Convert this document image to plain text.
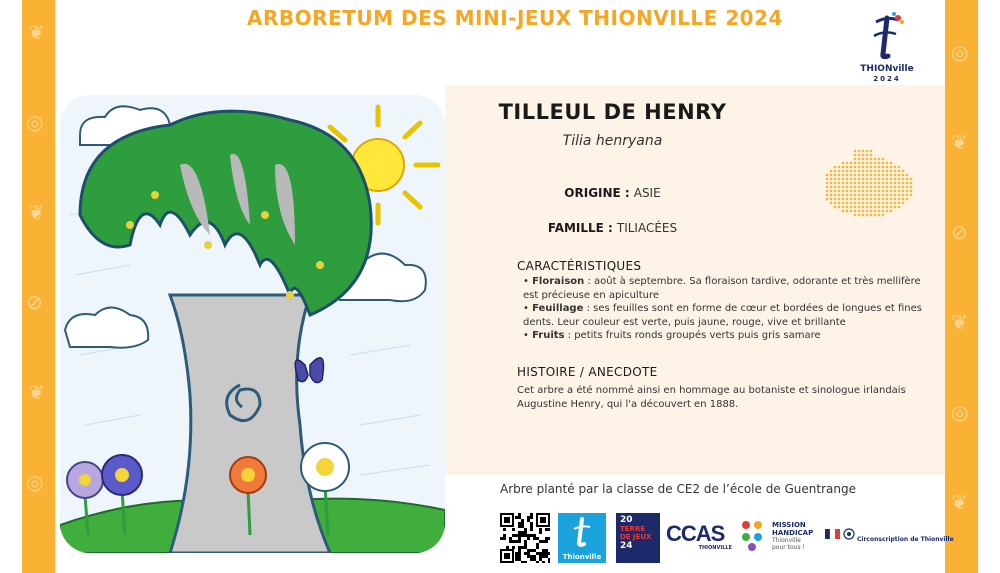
❦
◎
❦
⊘
❦
◎
◎
❦
⊘
❦
◎
❦
ARBORETUM DES MINI-JEUX THIONVILLE 2024
THIONville
2024
TILLEUL DE HENRY
Tilia henryana
ORIGINE : ASIE
FAMILLE : TILIACÉES
CARACTÉRISTIQUES
• Floraison : août à septembre. Sa floraison tardive, odorante et très mellifère est précieuse en apiculture
• Feuillage : ses feuilles sont en forme de cœur et bordées de longues et fines dents. Leur couleur est verte, puis jaune, rouge, vive et brillante
• Fruits : petits fruits ronds groupés verts puis gris samare
HISTOIRE / ANECDOTE
Cet arbre a été nommé ainsi en hommage au botaniste et sinologue irlandais Augustine Henry, qui l'a découvert en 1888.
Arbre planté par la classe de CE2 de l’école de Guentrange
Thionville
20
TERRE
DE JEUX
24	CCAS
THIONVILLE
MISSION
HANDICAP
Thionville
pour tous !
Circonscription de Thionville
